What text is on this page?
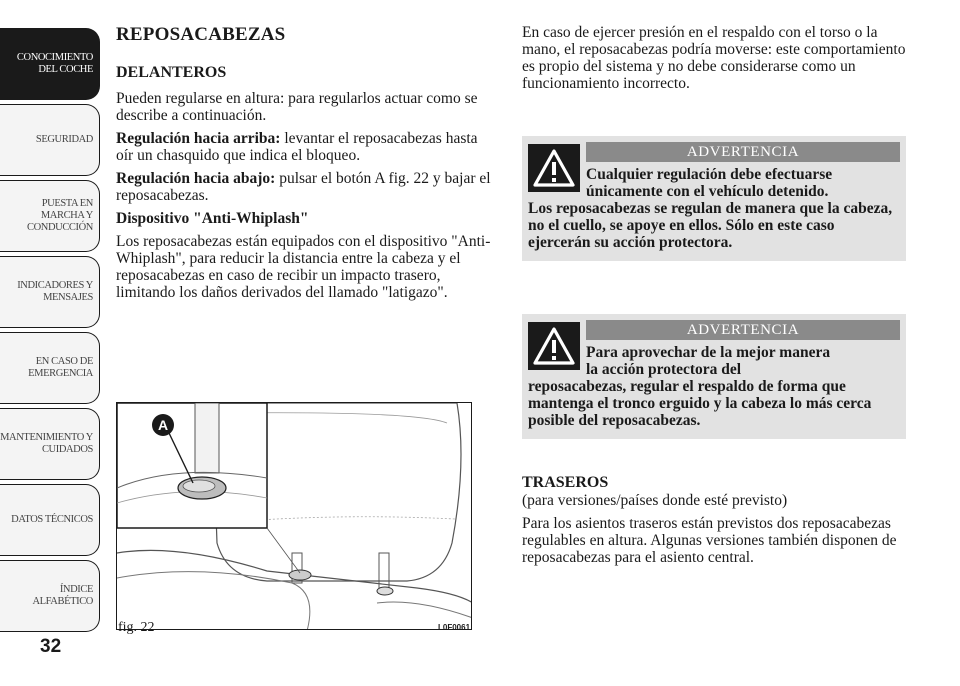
CONOCIMIENTO
DEL COCHE
SEGURIDAD
PUESTA EN
MARCHA Y
CONDUCCIÓN
INDICADORES Y
MENSAJES
EN CASO DE
EMERGENCIA
MANTENIMIENTO Y
CUIDADOS
DATOS TÉCNICOS
ÍNDICE
ALFABÉTICO
32
REPOSACABEZAS
DELANTEROS

Pueden regularse en altura: para regularlos actuar como se describe a continuación.

Regulación hacia arriba: levantar el reposacabezas hasta oír un chasquido que indica el bloqueo.

Regulación hacia abajo: pulsar el botón A fig. 22 y bajar el reposacabezas.

Dispositivo "Anti-Whiplash"

Los reposacabezas están equipados con el dispositivo "Anti-Whiplash", para reducir la distancia entre la cabeza y el reposacabezas en caso de recibir un impacto trasero, limitando los daños derivados del llamado "latigazo".

A
fig. 22	L0F0061

En caso de ejercer presión en el respaldo con el torso o la mano, el reposacabezas podría moverse: este comportamiento es propio del sistema y no debe considerarse como un funcionamiento incorrecto.

ADVERTENCIA
Cualquier regulación debe efectuarse
únicamente con el vehículo detenido.
Los reposacabezas se regulan de manera que la cabeza, no el cuello, se apoye en ellos. Sólo en este caso ejercerán su acción protectora.
ADVERTENCIA
Para aprovechar de la mejor manera
la acción protectora del
reposacabezas, regular el respaldo de forma que mantenga el tronco erguido y la cabeza lo más cerca posible del reposacabezas.
TRASEROS

(para versiones/países donde esté previsto)

Para los asientos traseros están previstos dos reposacabezas regulables en altura. Algunas versiones también disponen de reposacabezas para el asiento central.
